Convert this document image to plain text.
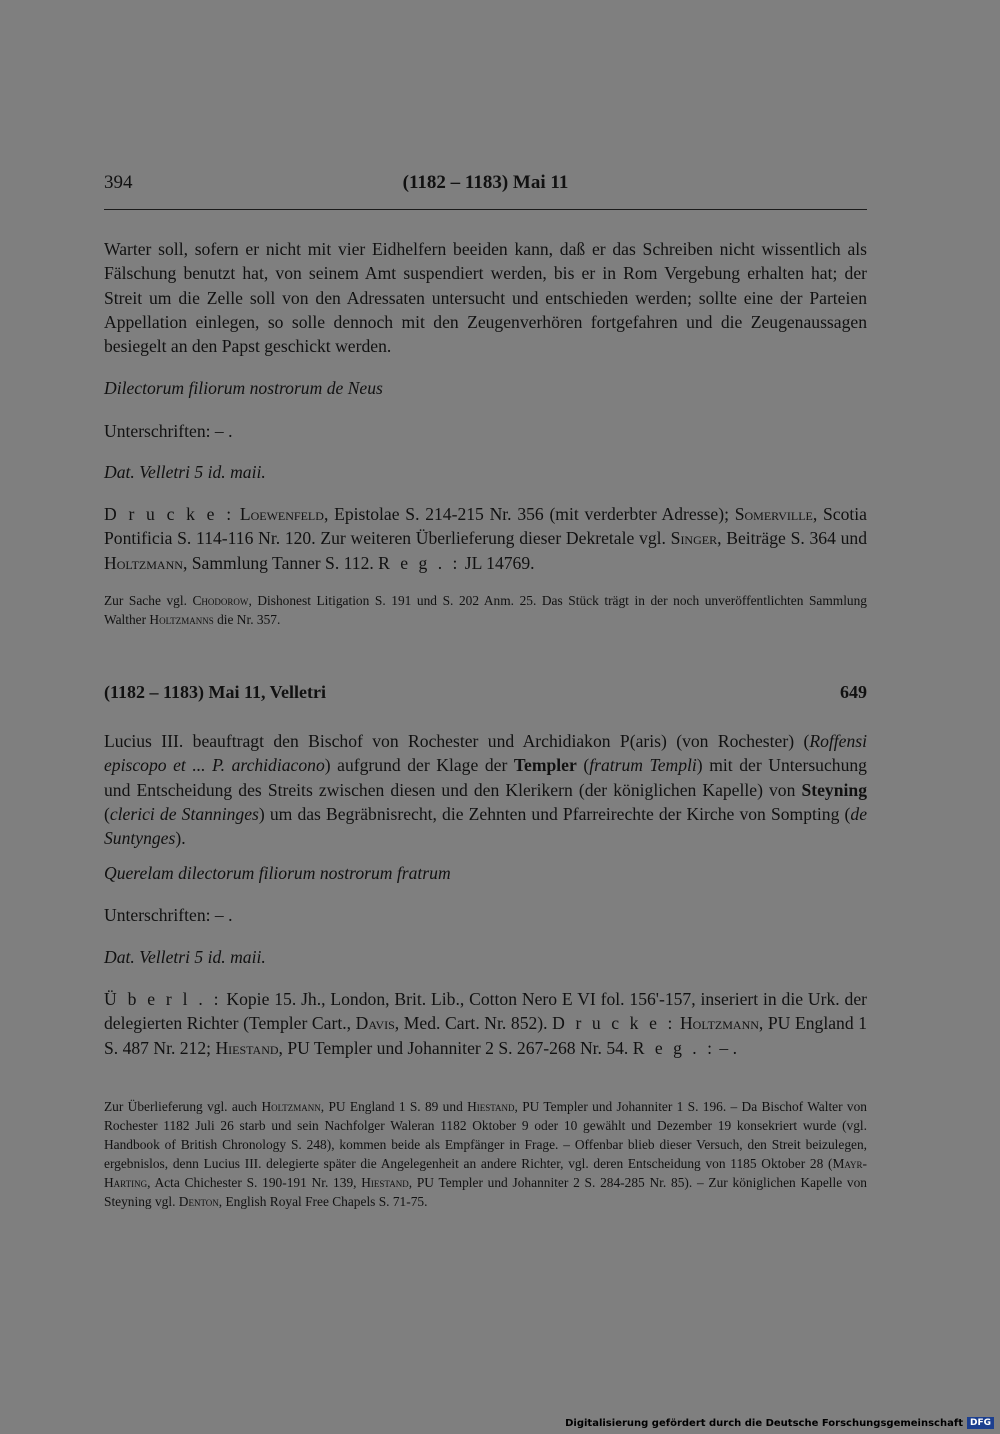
394	(1182 – 1183) Mai 11

Warter soll, sofern er nicht mit vier Eidhelfern beeiden kann, daß er das Schreiben nicht wissentlich als Fälschung benutzt hat, von seinem Amt suspendiert werden, bis er in Rom Vergebung erhalten hat; der Streit um die Zelle soll von den Adressaten untersucht und entschieden werden; sollte eine der Parteien Appellation einlegen, so solle dennoch mit den Zeugenverhören fortgefahren und die Zeugenaussagen besiegelt an den Papst geschickt werden.

Dilectorum filiorum nostrorum de Neus

Unterschriften: – .

Dat. Velletri 5 id. maii.

D r u c k e : Loewenfeld, Epistolae S. 214-215 Nr. 356 (mit verderbter Adresse); Somerville, Scotia Pontificia S. 114-116 Nr. 120. Zur weiteren Überlieferung dieser Dekretale vgl. Singer, Beiträge S. 364 und Holtzmann, Sammlung Tanner S. 112. R e g . : JL 14769.

Zur Sache vgl. Chodorow, Dishonest Litigation S. 191 und S. 202 Anm. 25. Das Stück trägt in der noch unveröffentlichten Sammlung Walther Holtzmanns die Nr. 357.

(1182 – 1183) Mai 11, Velletri	649

Lucius III. beauftragt den Bischof von Rochester und Archidiakon P(aris) (von Rochester) (Roffensi episcopo et ... P. archidiacono) aufgrund der Klage der Templer (fratrum Templi) mit der Untersuchung und Entscheidung des Streits zwischen diesen und den Klerikern (der königlichen Kapelle) von Steyning (clerici de Stanninges) um das Begräbnisrecht, die Zehnten und Pfarreirechte der Kirche von Sompting (de Suntynges).

Querelam dilectorum filiorum nostrorum fratrum

Unterschriften: – .

Dat. Velletri 5 id. maii.

Ü b e r l . : Kopie 15. Jh., London, Brit. Lib., Cotton Nero E VI fol. 156'-157, inseriert in die Urk. der delegierten Richter (Templer Cart., Davis, Med. Cart. Nr. 852). D r u c k e : Holtzmann, PU England 1 S. 487 Nr. 212; Hiestand, PU Templer und Johanniter 2 S. 267-268 Nr. 54. R e g . : – .

Zur Überlieferung vgl. auch Holtzmann, PU England 1 S. 89 und Hiestand, PU Templer und Johanniter 1 S. 196. – Da Bischof Walter von Rochester 1182 Juli 26 starb und sein Nachfolger Waleran 1182 Oktober 9 oder 10 gewählt und Dezember 19 konsekriert wurde (vgl. Handbook of British Chronology S. 248), kommen beide als Empfänger in Frage. – Offenbar blieb dieser Versuch, den Streit beizulegen, ergebnislos, denn Lucius III. delegierte später die Angelegenheit an andere Richter, vgl. deren Entscheidung von 1185 Oktober 28 (Mayr-Harting, Acta Chichester S. 190-191 Nr. 139, Hiestand, PU Templer und Johanniter 2 S. 284-285 Nr. 85). – Zur königlichen Kapelle von Steyning vgl. Denton, English Royal Free Chapels S. 71-75.

Digitalisierung gefördert durch die Deutsche Forschungsgemeinschaft DFG
